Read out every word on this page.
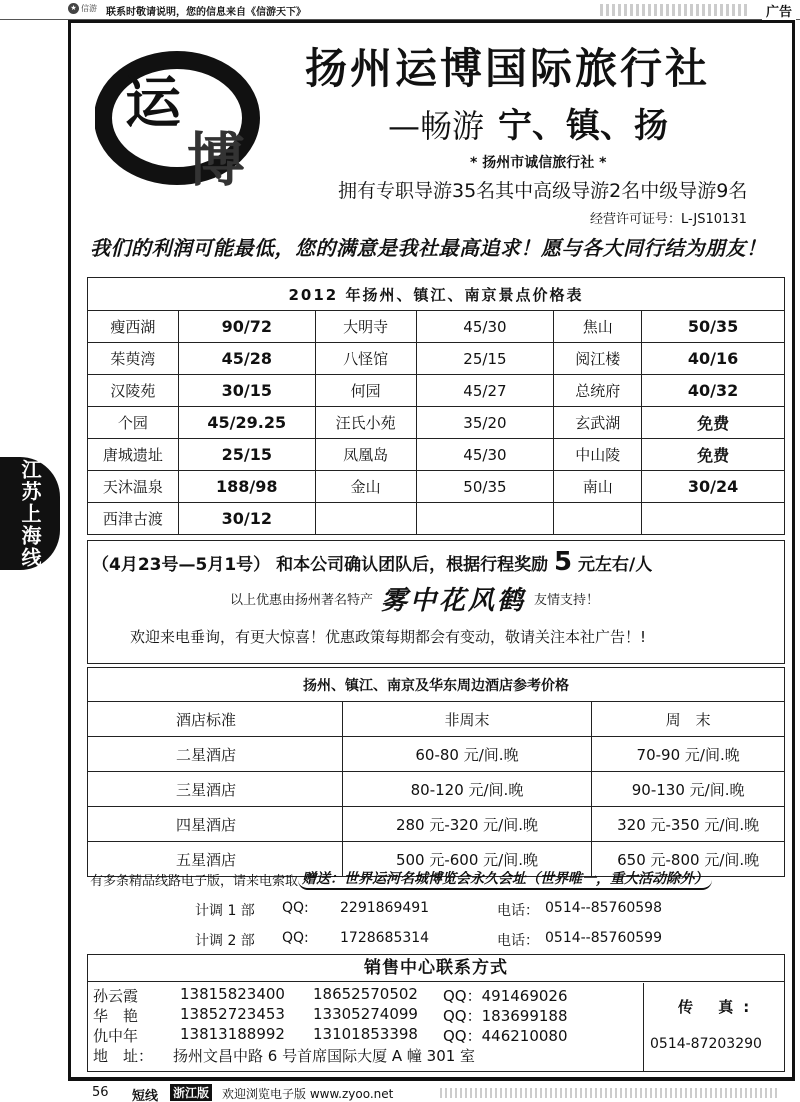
★ 信游 联系时敬请说明，您的信息来自《信游天下》	广告
江苏
上海
线
运
博
扬州运博国际旅行社
—畅游 宁、镇、扬
* 扬州市诚信旅行社 *
拥有专职导游35名其中高级导游2名中级导游9名
经营许可证号：L-JS10131
我们的利润可能最低，您的满意是我社最高追求！愿与各大同行结为朋友！
2012 年扬州、镇江、南京景点价格表					
瘦西湖	90/72	大明寺	45/30	焦山	50/35
茱萸湾	45/28	八怪馆	25/15	阅江楼	40/16
汉陵苑	30/15	何园	45/27	总统府	40/32
个园	45/29.25	汪氏小苑	35/20	玄武湖	免费
唐城遗址	25/15	凤凰岛	45/30	中山陵	免费
天沐温泉	188/98	金山	50/35	南山	30/24
西津古渡	30/12				
（4月23号—5月1号） 和本公司确认团队后，根据行程奖励 5 元左右/人
以上优惠由扬州著名特产 雾中花风鹤 友情支持！
欢迎来电垂询，有更大惊喜！优惠政策每期都会有变动，敬请关注本社广告！!
扬州、镇江、南京及华东周边酒店参考价格		
酒店标准	非周末	周　末
二星酒店	60-80 元/间.晚	70-90 元/间.晚
三星酒店	80-120 元/间.晚	90-130 元/间.晚
四星酒店	280 元-320 元/间.晚	320 元-350 元/间.晚
五星酒店	500 元-600 元/间.晚	650 元-800 元/间.晚
有多条精品线路电子版，请来电索取 赠送：世界运河名城博览会永久会址（世界唯一，重大活动除外）
计调 1 部 QQ: 2291869491	电话： 0514--85760598
计调 2 部 QQ: 1728685314	电话： 0514--85760599
销售中心联系方式
传 真:
0514-87203290
孙云霞	13815823400 18652570502 QQ：491469026
华　艳	13852723453 13305274099 QQ：183699188
仇中年	13813188992 13101853398 QQ：446210080
地　址： 扬州文昌中路 6 号首席国际大厦 A 幢 301 室
56 短线 浙江版 欢迎浏览电子版 www.zyoo.net
